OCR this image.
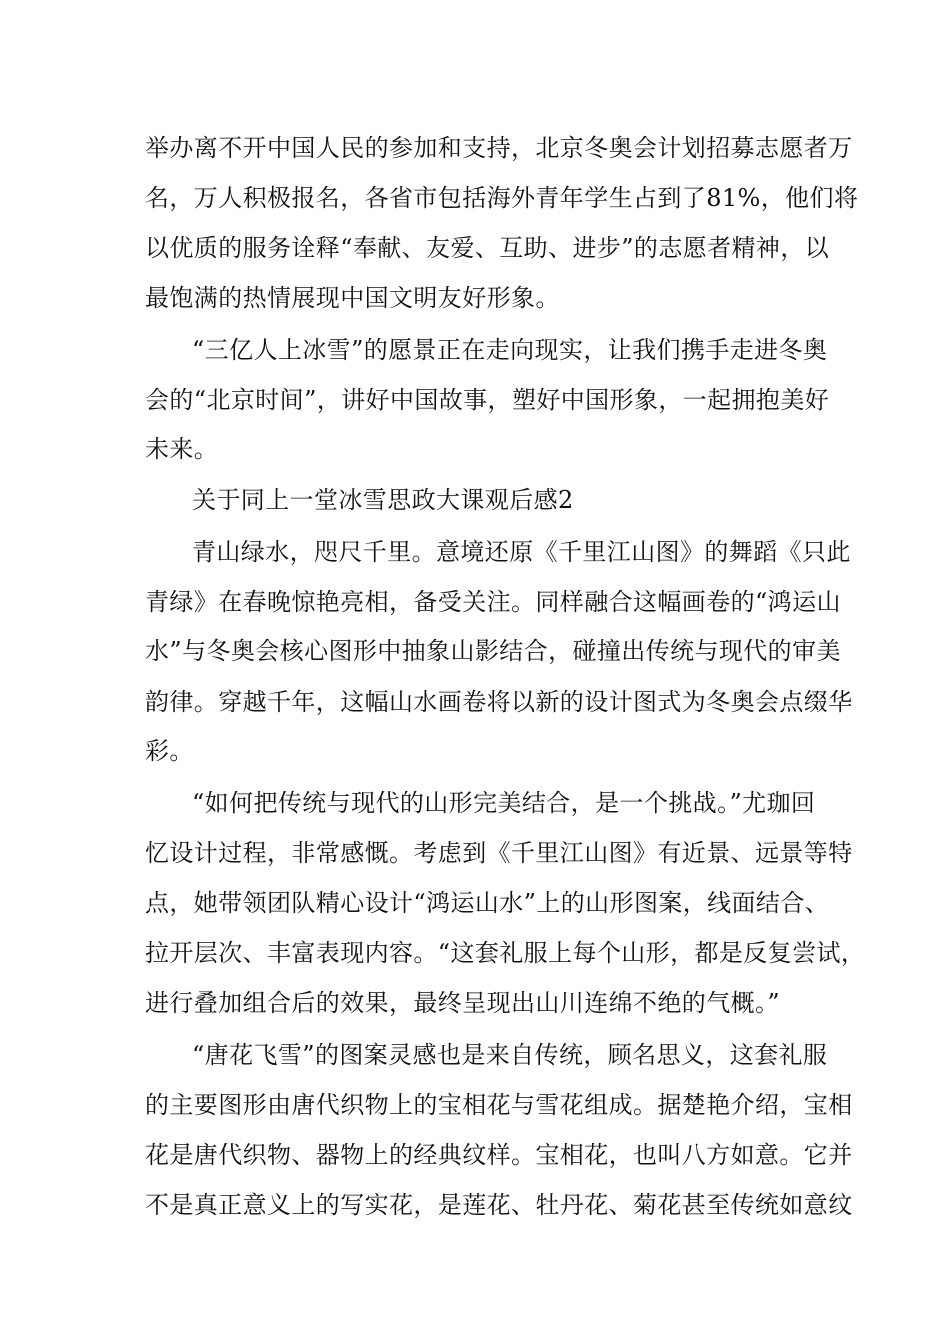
举办离不开中国人民的参加和支持，北京冬奥会计划招募志愿者万
名，万人积极报名，各省市包括海外青年学生占到了81%，他们将
以优质的服务诠释“奉献、友爱、互助、进步”的志愿者精神，以
最饱满的热情展现中国文明友好形象。
“三亿人上冰雪”的愿景正在走向现实，让我们携手走进冬奥
会的“北京时间”，讲好中国故事，塑好中国形象，一起拥抱美好
未来。
关于同上一堂冰雪思政大课观后感2
青山绿水，咫尺千里。意境还原《千里江山图》的舞蹈《只此
青绿》在春晚惊艳亮相，备受关注。同样融合这幅画卷的“鸿运山
水”与冬奥会核心图形中抽象山影结合，碰撞出传统与现代的审美
韵律。穿越千年，这幅山水画卷将以新的设计图式为冬奥会点缀华
彩。
“如何把传统与现代的山形完美结合，是一个挑战。”尤珈回
忆设计过程，非常感慨。考虑到《千里江山图》有近景、远景等特
点，她带领团队精心设计“鸿运山水”上的山形图案，线面结合、
拉开层次、丰富表现内容。“这套礼服上每个山形，都是反复尝试，
进行叠加组合后的效果，最终呈现出山川连绵不绝的气概。”
“唐花飞雪”的图案灵感也是来自传统，顾名思义，这套礼服
的主要图形由唐代织物上的宝相花与雪花组成。据楚艳介绍，宝相
花是唐代织物、器物上的经典纹样。宝相花，也叫八方如意。它并
不是真正意义上的写实花，是莲花、牡丹花、菊花甚至传统如意纹
